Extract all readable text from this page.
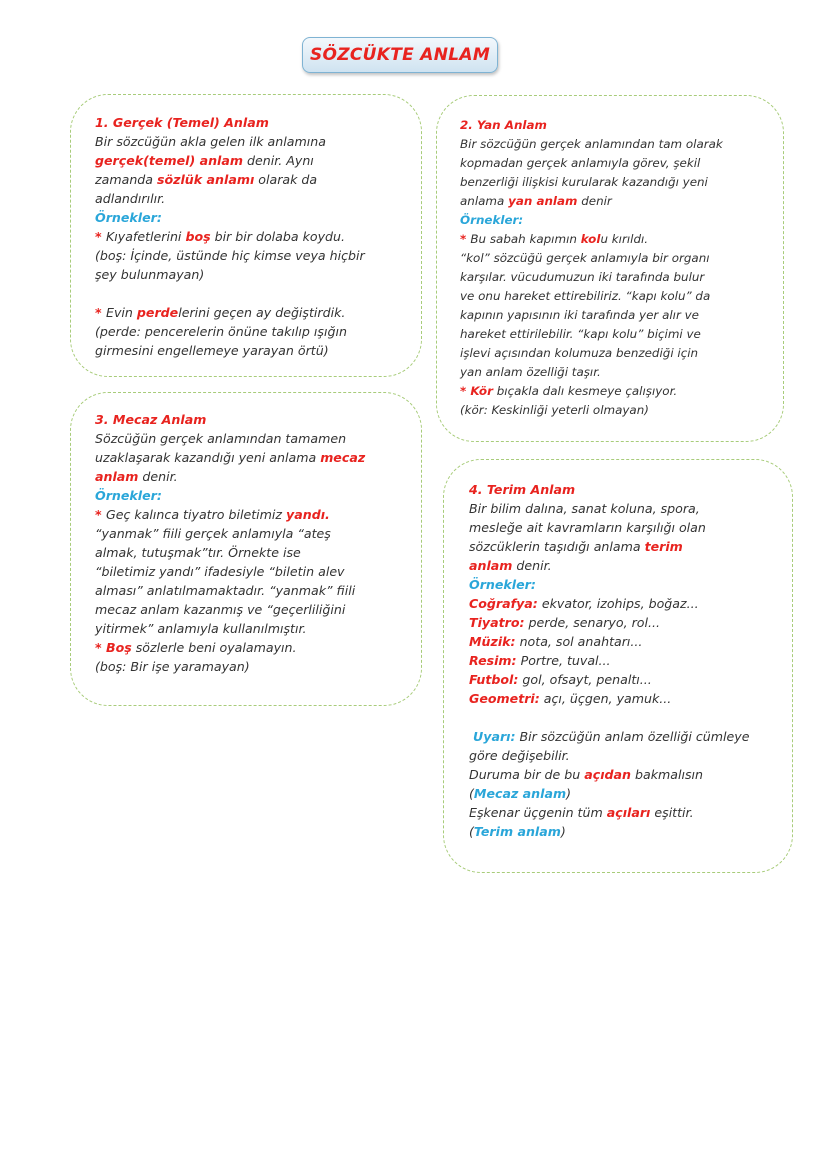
SÖZCÜKTE ANLAM
1. Gerçek (Temel) Anlam
Bir sözcüğün akla gelen ilk anlamına
gerçek(temel) anlam denir. Aynı
zamanda sözlük anlamı olarak da
adlandırılır.
Örnekler:
* Kıyafetlerini boş bir bir dolaba koydu.
(boş: İçinde, üstünde hiç kimse veya hiçbir
şey bulunmayan)
* Evin perdelerini geçen ay değiştirdik.
(perde: pencerelerin önüne takılıp ışığın
girmesini engellemeye yarayan örtü)
2. Yan Anlam
Bir sözcüğün gerçek anlamından tam olarak
kopmadan gerçek anlamıyla görev, şekil
benzerliği ilişkisi kurularak kazandığı yeni
anlama yan anlam denir
Örnekler:
* Bu sabah kapımın kolu kırıldı.
“kol” sözcüğü gerçek anlamıyla bir organı
karşılar. vücudumuzun iki tarafında bulur
ve onu hareket ettirebiliriz. “kapı kolu” da
kapının yapısının iki tarafında yer alır ve
hareket ettirilebilir. “kapı kolu” biçimi ve
işlevi açısından kolumuza benzediği için
yan anlam özelliği taşır.
* Kör bıçakla dalı kesmeye çalışıyor.
(kör: Keskinliği yeterli olmayan)
3. Mecaz Anlam
Sözcüğün gerçek anlamından tamamen
uzaklaşarak kazandığı yeni anlama mecaz
anlam denir.
Örnekler:
* Geç kalınca tiyatro biletimiz yandı.
“yanmak” fiili gerçek anlamıyla “ateş
almak, tutuşmak”tır. Örnekte ise
“biletimiz yandı” ifadesiyle “biletin alev
alması” anlatılmamaktadır. “yanmak” fiili
mecaz anlam kazanmış ve “geçerliliğini
yitirmek” anlamıyla kullanılmıştır.
* Boş sözlerle beni oyalamayın.
(boş: Bir işe yaramayan)
4. Terim Anlam
Bir bilim dalına, sanat koluna, spora,
mesleğe ait kavramların karşılığı olan
sözcüklerin taşıdığı anlama terim
anlam denir.
Örnekler:
Coğrafya: ekvator, izohips, boğaz...
Tiyatro: perde, senaryo, rol...
Müzik: nota, sol anahtarı...
Resim: Portre, tuval...
Futbol: gol, ofsayt, penaltı...
Geometri: açı, üçgen, yamuk...
Uyarı: Bir sözcüğün anlam özelliği cümleye
göre değişebilir.
Duruma bir de bu açıdan bakmalısın
(Mecaz anlam)
Eşkenar üçgenin tüm açıları eşittir.
(Terim anlam)
